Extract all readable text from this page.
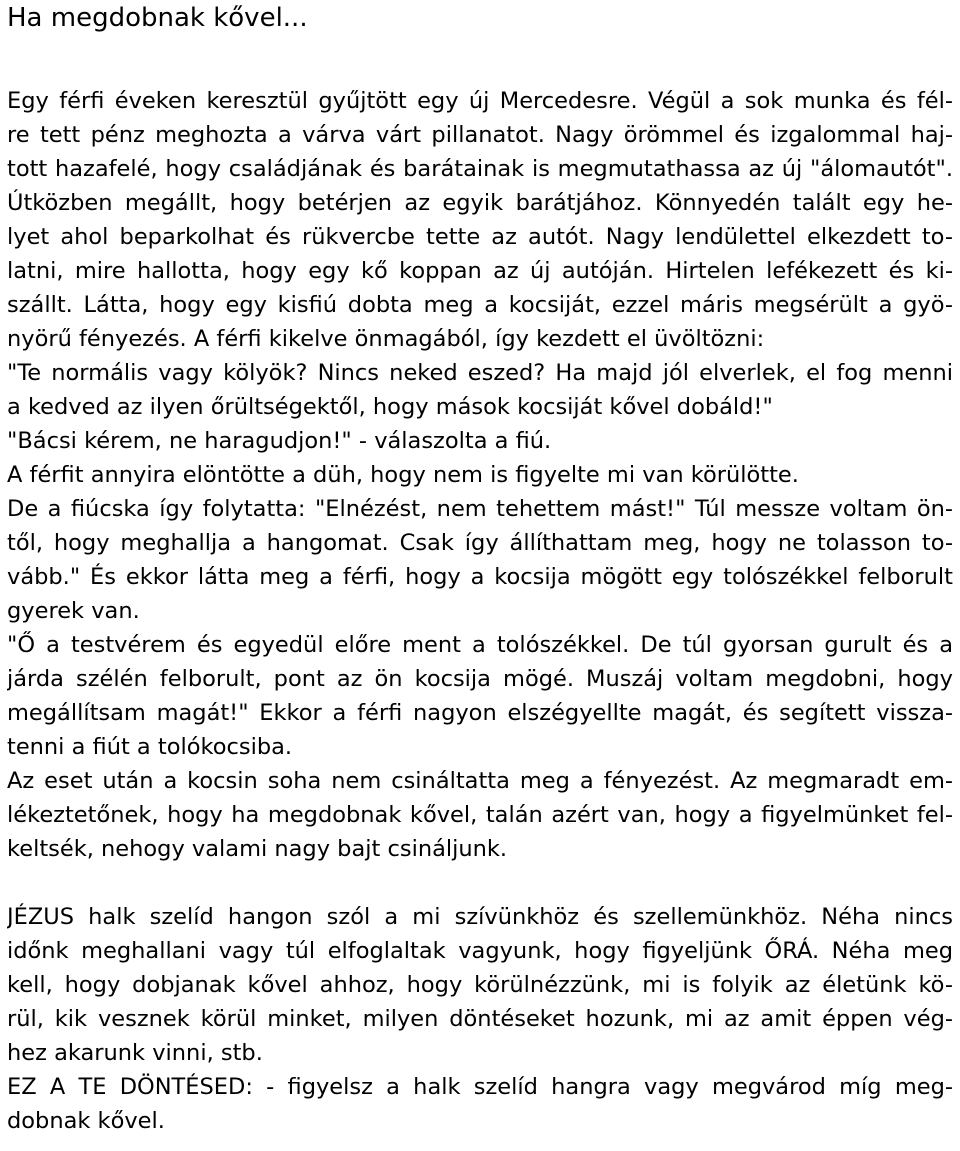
Ha megdobnak kővel...
Egy férfi éveken keresztül gyűjtött egy új Mercedesre. Végül a sok munka és fél-
re tett pénz meghozta a várva várt pillanatot. Nagy örömmel és izgalommal haj-
tott hazafelé, hogy családjának és barátainak is megmutathassa az új "álomautót".
Útközben megállt, hogy betérjen az egyik barátjához. Könnyedén talált egy he-
lyet ahol beparkolhat és rükvercbe tette az autót. Nagy lendülettel elkezdett to-
latni, mire hallotta, hogy egy kő koppan az új autóján. Hirtelen lefékezett és ki-
szállt. Látta, hogy egy kisfiú dobta meg a kocsiját, ezzel máris megsérült a gyö-
nyörű fényezés. A férfi kikelve önmagából, így kezdett el üvöltözni:
"Te normális vagy kölyök? Nincs neked eszed? Ha majd jól elverlek, el fog menni
a kedved az ilyen őrültségektől, hogy mások kocsiját kővel dobáld!"
"Bácsi kérem, ne haragudjon!" - válaszolta a fiú.
A férfit annyira elöntötte a düh, hogy nem is figyelte mi van körülötte.
De a fiúcska így folytatta: "Elnézést, nem tehettem mást!" Túl messze voltam ön-
től, hogy meghallja a hangomat. Csak így állíthattam meg, hogy ne tolasson to-
vább." És ekkor látta meg a férfi, hogy a kocsija mögött egy tolószékkel felborult
gyerek van.
"Ő a testvérem és egyedül előre ment a tolószékkel. De túl gyorsan gurult és a
járda szélén felborult, pont az ön kocsija mögé. Muszáj voltam megdobni, hogy
megállítsam magát!" Ekkor a férfi nagyon elszégyellte magát, és segített vissza-
tenni a fiút a tolókocsiba.
Az eset után a kocsin soha nem csináltatta meg a fényezést. Az megmaradt em-
lékeztetőnek, hogy ha megdobnak kővel, talán azért van, hogy a figyelmünket fel-
keltsék, nehogy valami nagy bajt csináljunk.
JÉZUS halk szelíd hangon szól a mi szívünkhöz és szellemünkhöz. Néha nincs
időnk meghallani vagy túl elfoglaltak vagyunk, hogy figyeljünk ŐRÁ. Néha meg
kell, hogy dobjanak kővel ahhoz, hogy körülnézzünk, mi is folyik az életünk kö-
rül, kik vesznek körül minket, milyen döntéseket hozunk, mi az amit éppen vég-
hez akarunk vinni, stb.
EZ A TE DÖNTÉSED: - figyelsz a halk szelíd hangra vagy megvárod míg meg-
dobnak kővel.
